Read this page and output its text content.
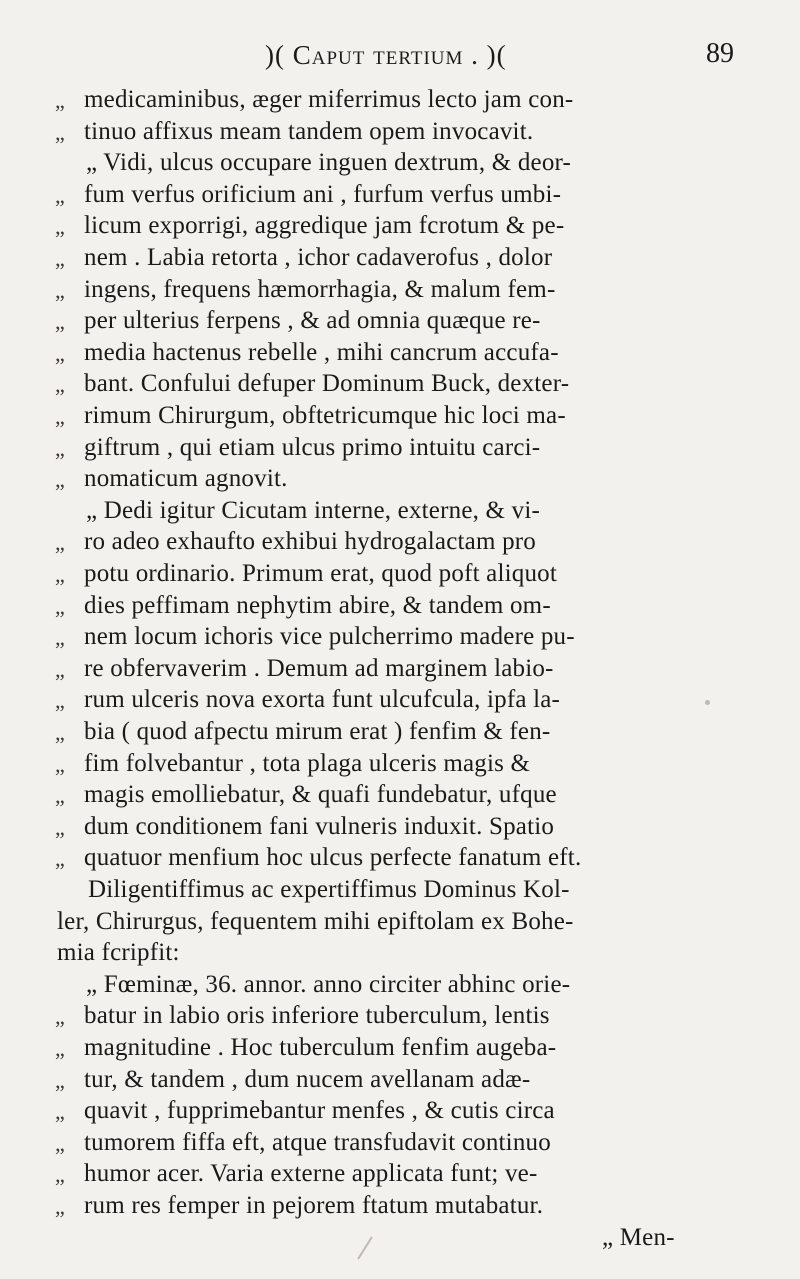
)( Caput tertium . )(	89
„ medicaminibus, æger miferrimus lecto jam con-
„ tinuo affixus meam tandem opem invocavit.
„ Vidi, ulcus occupare inguen dextrum, & deor-
„ fum verfus orificium ani , furfum verfus umbi-
„ licum exporrigi, aggredique jam fcrotum & pe-
„ nem . Labia retorta , ichor cadaverofus , dolor
„ ingens, frequens hæmorrhagia, & malum fem-
„ per ulterius ferpens , & ad omnia quæque re-
„ media hactenus rebelle , mihi cancrum accufa-
„ bant. Confului defuper Dominum Buck, dexter-
„ rimum Chirurgum, obftetricumque hic loci ma-
„ giftrum , qui etiam ulcus primo intuitu carci-
„ nomaticum agnovit.
„ Dedi igitur Cicutam interne, externe, & vi-
„ ro adeo exhaufto exhibui hydrogalactam pro
„ potu ordinario. Primum erat, quod poft aliquot
„ dies peffimam nephytim abire, & tandem om-
„ nem locum ichoris vice pulcherrimo madere pu-
„ re obfervaverim . Demum ad marginem labio-
„ rum ulceris nova exorta funt ulcufcula, ipfa la-
„ bia ( quod afpectu mirum erat ) fenfim & fen-
„ fim folvebantur , tota plaga ulceris magis &
„ magis emolliebatur, & quafi fundebatur, ufque
„ dum conditionem fani vulneris induxit. Spatio
„ quatuor menfium hoc ulcus perfecte fanatum eft.
Diligentiffimus ac expertiffimus Dominus Kol-
ler, Chirurgus, fequentem mihi epiftolam ex Bohe-
mia fcripfit:
„ Fœminæ, 36. annor. anno circiter abhinc orie-
„ batur in labio oris inferiore tuberculum, lentis
„ magnitudine . Hoc tuberculum fenfim augeba-
„ tur, & tandem , dum nucem avellanam adæ-
„ quavit , fupprimebantur menfes , & cutis circa
„ tumorem fiffa eft, atque transfudavit continuo
„ humor acer. Varia externe applicata funt; ve-
„ rum res femper in pejorem ftatum mutabatur.
„ Men-
